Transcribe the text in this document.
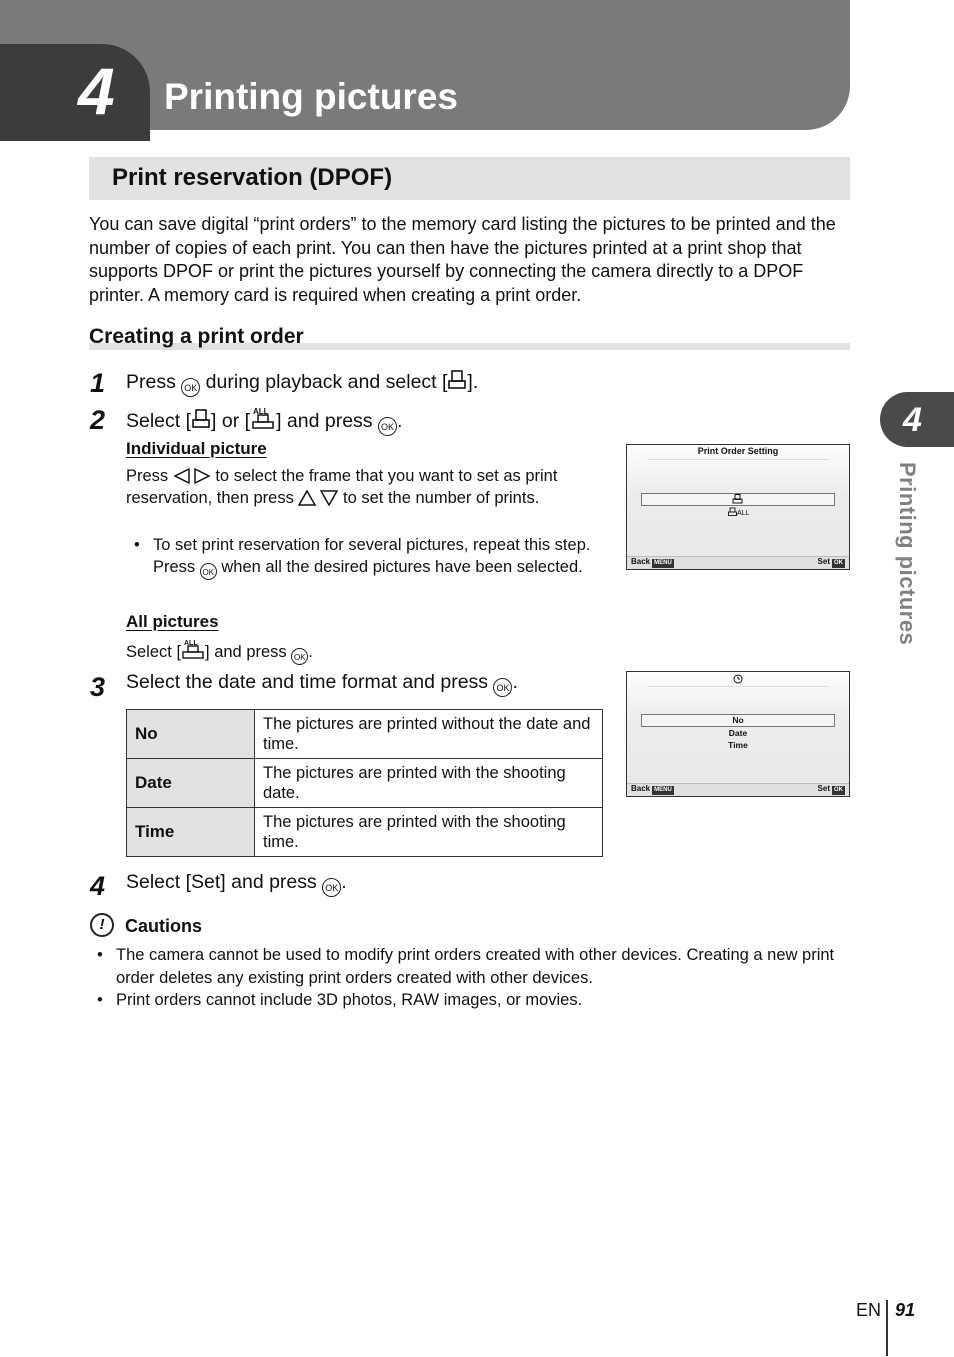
4 Printing pictures
Print reservation (DPOF)
You can save digital “print orders” to the memory card listing the pictures to be printed and the number of copies of each print. You can then have the pictures printed at a print shop that supports DPOF or print the pictures yourself by connecting the camera directly to a DPOF printer. A memory card is required when creating a print order.
Creating a print order
1 Press OK during playback and select [ ].
2 Select [ ] or [ ALL ] and press OK .
Individual picture
Press  to select the frame that you want to set as print reservation, then press  to set the number of prints.
• To set print reservation for several pictures, repeat this step. Press OK when all the desired pictures have been selected.
All pictures
Select [ ALL ] and press OK .
Print Order Setting
ALL
Back MENU	Set OK
3 Select the date and time format and press OK .
No	The pictures are printed without the date and time.
Date	The pictures are printed with the shooting date.
Time	The pictures are printed with the shooting time.
No
Date
Time
Back MENU	Set OK
4 Select [Set] and press OK .
!	Cautions
• The camera cannot be used to modify print orders created with other devices. Creating a new print order deletes any existing print orders created with other devices.
• Print orders cannot include 3D photos, RAW images, or movies.
4
Printing pictures
EN 91
